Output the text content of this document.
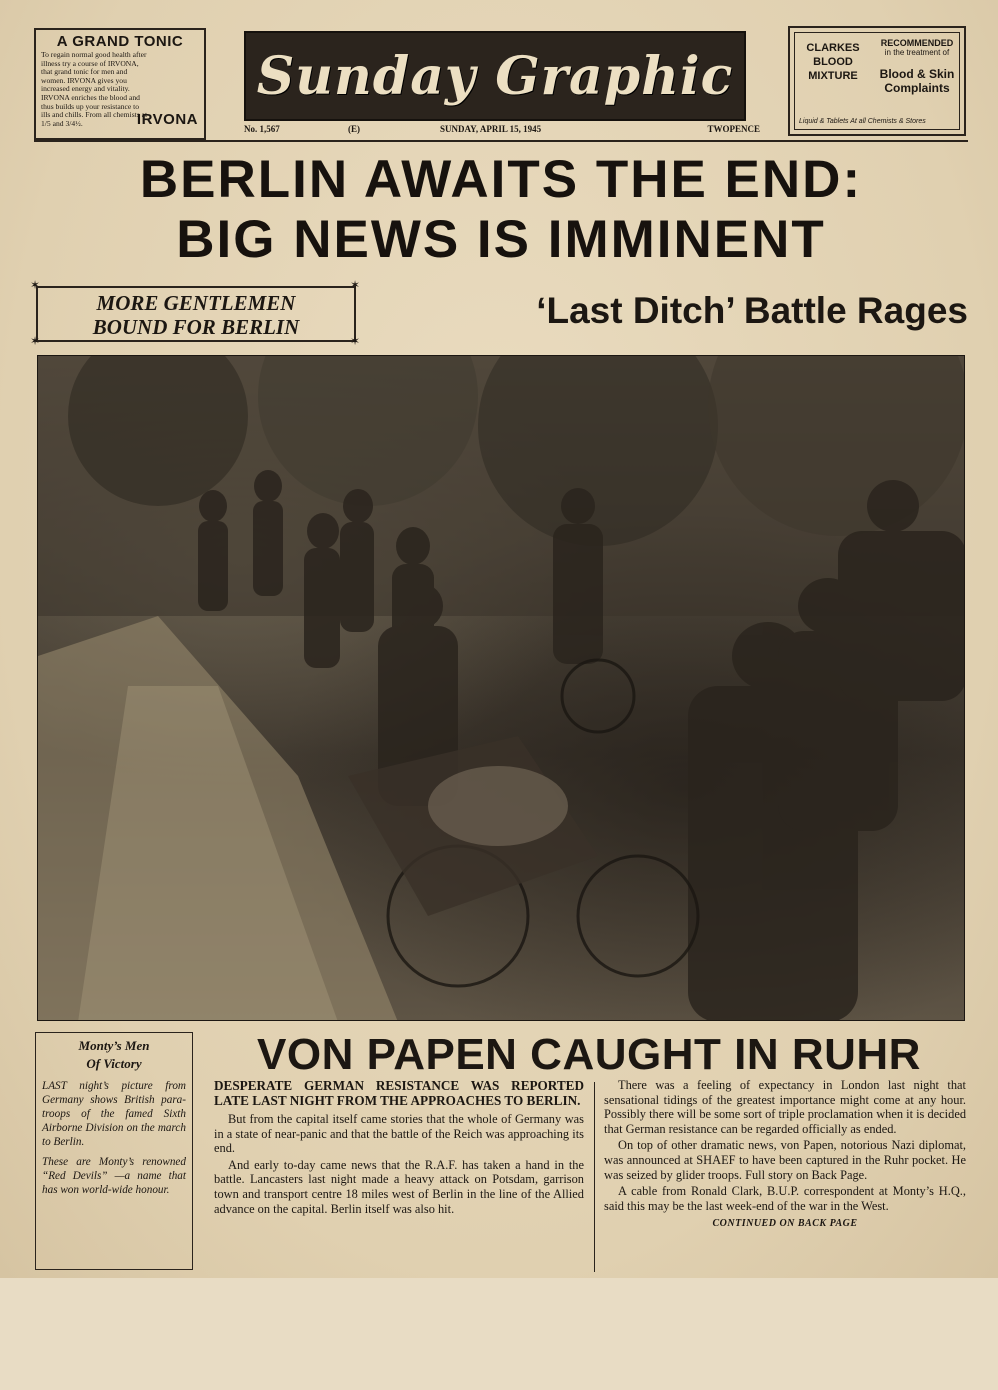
A GRAND TONIC
To regain normal good health after illness try a course of IRVONA, that grand tonic for men and women. IRVONA gives you increased energy and vitality. IRVONA enriches the blood and thus builds up your resistance to ills and chills. From all chemists at 1/5 and 3/4½.	IRVONA
Sunday Graphic	CLARKES BLOOD MIXTURE
RECOMMENDED
in the treatment of
Blood & Skin Complaints
Liquid & Tablets At all Chemists & Stores
No. 1,567	(E)	SUNDAY, APRIL 15, 1945	TWOPENCE
BERLIN AWAITS THE END:
BIG NEWS IS IMMINENT
MORE GENTLEMEN
BOUND FOR BERLIN
✶	✶
✶	✶
‘Last Ditch’ Battle Rages
Monty’s Men
Of Victory

LAST night’s picture from Germany shows British para-troops of the famed Sixth Airborne Division on the march to Berlin.

These are Monty’s renowned “Red Devils” —a name that has won world-wide honour.

VON PAPEN CAUGHT IN RUHR

DESPERATE GERMAN RESISTANCE WAS REPORTED LATE LAST NIGHT FROM THE APPROACHES TO BERLIN.

But from the capital itself came stories that the whole of Germany was in a state of near-panic and that the battle of the Reich was approaching its end.

And early to-day came news that the R.A.F. has taken a hand in the battle. Lancasters last night made a heavy attack on Potsdam, garrison town and transport centre 18 miles west of Berlin in the line of the Allied advance on the capital. Berlin itself was also hit.

There was a feeling of expectancy in London last night that sensational tidings of the greatest importance might come at any hour. Possibly there will be some sort of triple proclamation when it is decided that German resistance can be regarded officially as ended.

On top of other dramatic news, von Papen, notorious Nazi diplomat, was announced at SHAEF to have been captured in the Ruhr pocket. He was seized by glider troops. Full story on Back Page.

A cable from Ronald Clark, B.U.P. correspondent at Monty’s H.Q., said this may be the last week-end of the war in the West.

CONTINUED ON BACK PAGE
